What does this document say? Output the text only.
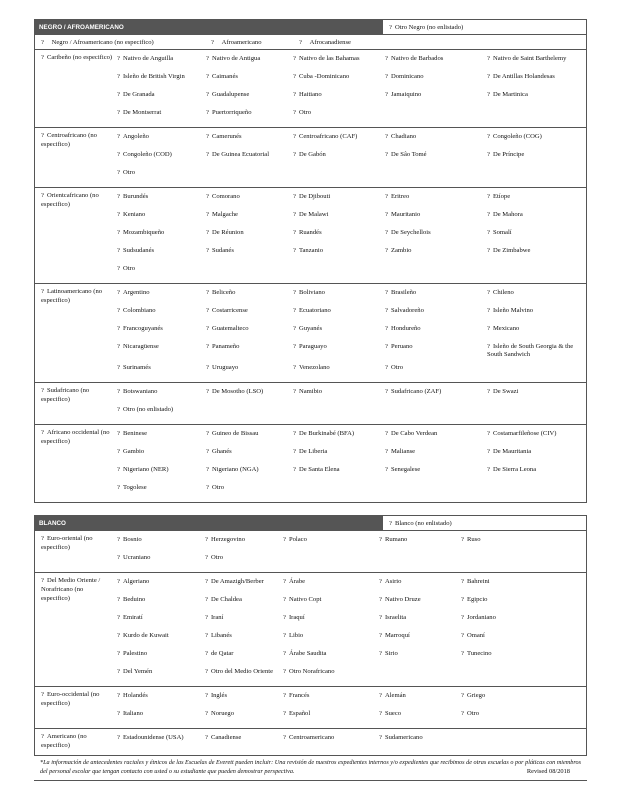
NEGRO / AFROAMERICANO	? Otro Negro (no enlistado)
? Negro / Afroamericano (no especifico)	? Afroamericano	? Afrocanadiense
? Caribeño (no especifico) ? Nativo de Anguilla	? Nativo de Antigua	? Nativo de las Bahamas	? Nativo de Barbados	? Nativo de Saint Barthelemy
? Isleño de British Virgin	? Caimanés	? Cuba -Dominicano	? Dominicano	? De Antillas Holandesas
? De Granada	? Guadalupense	? Haitiano	? Jamaiquino	? De Martinica
? De Montserrat	? Puertorriqueño	? Otro
? Centroafricano (no especifico)
? Angoleño	? Camerunés	? Centroafricano (CAF)	? Chadiano	? Congoleño (COG)
? Congoleño (COD)	? De Guinea Ecuatorial	? De Gabón	? De Sâo Tomé	? De Príncipe
? Otro
? Orientcafricano (no especifico)
? Burundés	? Comorano	? De Djibouti	? Eritreo	? Etíope
? Keniano	? Malgache	? De Malawi	? Mauritanio	? De Mahora
? Mozambiqueño	? De Réunion	? Ruandés	? De Seychellois	? Somalí
? Sudsudanés	? Sudanés	? Tanzanio	? Zambio	? De Zimbabwe
? Otro
? Latinoamericano (no especifico)
? Argentino	? Beliceño	? Boliviano	? Brasileño	? Chileno
? Colombiano	? Costarricense	? Ecuatoriano	? Salvadoreño	? Isleño Malvino
? Francoguyanés	? Guatemalteco	? Guyanés	? Hondureño	? Mexicano
? Nicaragüense	? Panameño	? Paraguayo	? Peruano	? Isleño de South Georgia & the South Sandwich
? Surinamés	? Uruguayo	? Venezolano	? Otro
? Sudafricano (no especifico)
? Botswaniano	? De Mosotho (LSO)	? Namibio	? Sudafricano (ZAF)	? De Swazi
? Otro (no enlistado)
? Africano occidental (no especifico)
? Beninese	? Guineo de Bissau	? De Burkinabé (BFA)	? De Cabo Verdean	? Costamarfileñose (CIV)
? Gambio	? Ghanés	? De Liberia	? Malianse	? De Mauritania
? Nigeriano (NER)	? Nigeriano (NGA)	? De Santa Elena	? Senegalese	? De Sierra Leona
? Togolese	? Otro
BLANCO	? Blanco (no enlistado)
? Euro-oriental (no especifico)
? Bosnio	? Herzegovino	? Polaco	? Rumano	? Ruso
? Ucraniano	? Otro
? Del Medio Oriente / Norafricano (no especifico)
? Algeriano	? De Amazigh/Berber	? Árabe	? Asirio	? Bahreini
? Beduino	? De Chaldea	? Nativo Copt	? Nativo Druze	? Egipcio
? Emiratí	? Iraní	? Iraquí	? Israelita	? Jordaniano
? Kurdo de Kuwait	? Libanés	? Libio	? Marroquí	? Omaní
? Palestino	? de Qatar	? Árabe Saudita	? Sirio	? Tunecino
? Del Yemén	? Otro del Medio Oriente	? Otro Norafricano
? Euro-occidental (no especifico)
? Holandés	? Inglés	? Francés	? Alemán	? Griego
? Italiano	? Noruego	? Español	? Sueco	? Otro
? Americano (no especifico)
? Estadounidense (USA)	? Canadiense	? Centroamericano	? Sudamericano
*La información de antecedentes raciales y étnicos de las Escuelas de Everett pueden incluir: Una revisión de nuestros expedientes internos y/o expedientes que recibimos de otras escuelas o por pláticas con miembros del personal escolar que tengan contacto con usted o su estudiante que pueden demostrar perspectiva.	Revised 08/2018
